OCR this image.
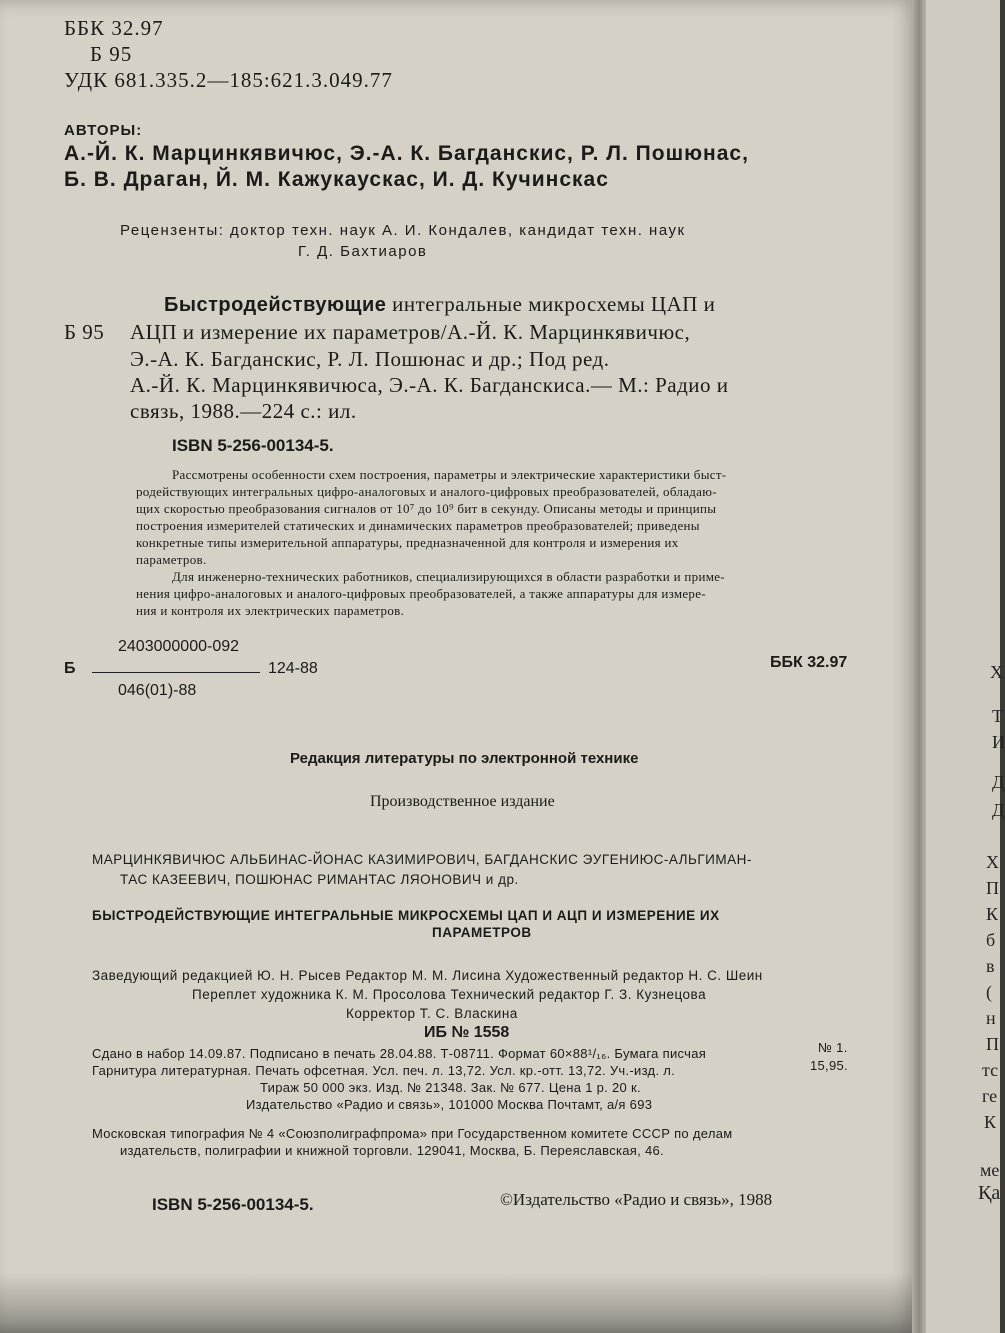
ББК 32.97
Б 95
УДК 681.335.2—185:621.3.049.77
АВТОРЫ:
А.-Й. К. Марцинкявичюс, Э.-А. К. Багданскис, Р. Л. Пошюнас,
Б. В. Драган, Й. М. Кажукаускас, И. Д. Кучинскас
Рецензенты: доктор техн. наук А. И. Кондалев, кандидат техн. наук
Г. Д. Бахтиаров
Быстродействующие интегральные микросхемы ЦАП и
Б 95 АЦП и измерение их параметров/А.-Й. К. Марцинкявичюс,
Э.-А. К. Багданскис, Р. Л. Пошюнас и др.; Под ред.
А.-Й. К. Марцинкявичюса, Э.-А. К. Багданскиса.— М.: Радио и
связь, 1988.—224 с.: ил.
ISBN 5-256-00134-5.
Рассмотрены особенности схем построения, параметры и электрические характеристики быст-
родействующих интегральных цифро-аналоговых и аналого-цифровых преобразователей, обладаю-
щих скоростью преобразования сигналов от 10⁷ до 10⁹ бит в секунду. Описаны методы и принципы
построения измерителей статических и динамических параметров преобразователей; приведены
конкретные типы измерительной аппаратуры, предназначенной для контроля и измерения их
параметров.
Для инженерно-технических работников, специализирующихся в области разработки и приме-
нения цифро-аналоговых и аналого-цифровых преобразователей, а также аппаратуры для измере-
ния и контроля их электрических параметров.
Б
2403000000-092
046(01)-88
124-88	ББК 32.97
Редакция литературы по электронной технике
Производственное издание
МАРЦИНКЯВИЧЮС АЛЬБИНАС-ЙОНАС КАЗИМИРОВИЧ, БАГДАНСКИС ЭУГЕНИЮС-АЛЬГИМАН-
ТАС КАЗЕЕВИЧ, ПОШЮНАС РИМАНТАС ЛЯОНОВИЧ и др.
БЫСТРОДЕЙСТВУЮЩИЕ ИНТЕГРАЛЬНЫЕ МИКРОСХЕМЫ ЦАП И АЦП И ИЗМЕРЕНИЕ ИХ
ПАРАМЕТРОВ
Заведующий редакцией Ю. Н. Рысев Редактор М. М. Лисина Художественный редактор Н. С. Шеин
Переплет художника К. М. Просолова Технический редактор Г. З. Кузнецова
Корректор Т. С. Власкина
ИБ № 1558
Сдано в набор 14.09.87. Подписано в печать 28.04.88. Т-08711. Формат 60×88¹/₁₆. Бумага писчая	№ 1.
Гарнитура литературная. Печать офсетная. Усл. печ. л. 13,72. Усл. кр.-отт. 13,72. Уч.-изд. л.	15,95.
Тираж 50 000 экз. Изд. № 21348. Зак. № 677. Цена 1 р. 20 к.
Издательство «Радио и связь», 101000 Москва Почтамт, а/я 693
Московская типография № 4 «Союзполиграфпрома» при Государственном комитете СССР по делам
издательств, полиграфии и книжной торговли. 129041, Москва, Б. Переяславская, 46.
ISBN 5-256-00134-5.	©Издательство «Радио и связь», 1988
Х
Т
И
Д
Д
Х
П
К
б
в
(
н
П
тс
ге
К
ме
Қа
